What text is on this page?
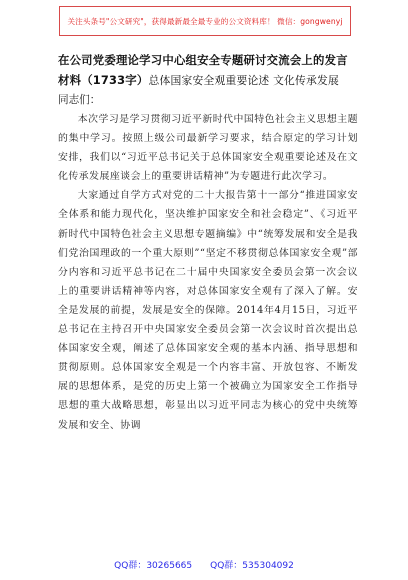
关注头条号"公文研究"，获得最新最全最专业的公文资料库！ 微信：gongwenyj

在公司党委理论学习中心组安全专题研讨交流会上的发言材料（1733字）总体国家安全观重要论述 文化传承发展

同志们：

本次学习是学习贯彻习近平新时代中国特色社会主义思想主题的集中学习。按照上级公司最新学习要求，结合原定的学习计划安排，我们以“习近平总书记关于总体国家安全观重要论述及在文化传承发展座谈会上的重要讲话精神”为专题进行此次学习。

大家通过自学方式对党的二十大报告第十一部分“推进国家安全体系和能力现代化，坚决维护国家安全和社会稳定”、《习近平新时代中国特色社会主义思想专题摘编》中“统筹发展和安全是我们党治国理政的一个重大原则”“坚定不移贯彻总体国家安全观”部分内容和习近平总书记在二十届中央国家安全委员会第一次会议上的重要讲话精神等内容，对总体国家安全观有了深入了解。安全是发展的前提，发展是安全的保障。2014年4月15日，习近平总书记在主持召开中央国家安全委员会第一次会议时首次提出总体国家安全观，阐述了总体国家安全观的基本内涵、指导思想和贯彻原则。总体国家安全观是一个内容丰富、开放包容、不断发展的思想体系，是党的历史上第一个被确立为国家安全工作指导思想的重大战略思想，彰显出以习近平同志为核心的党中央统筹发展和安全、协调

QQ群：30265665 QQ群：535304092
